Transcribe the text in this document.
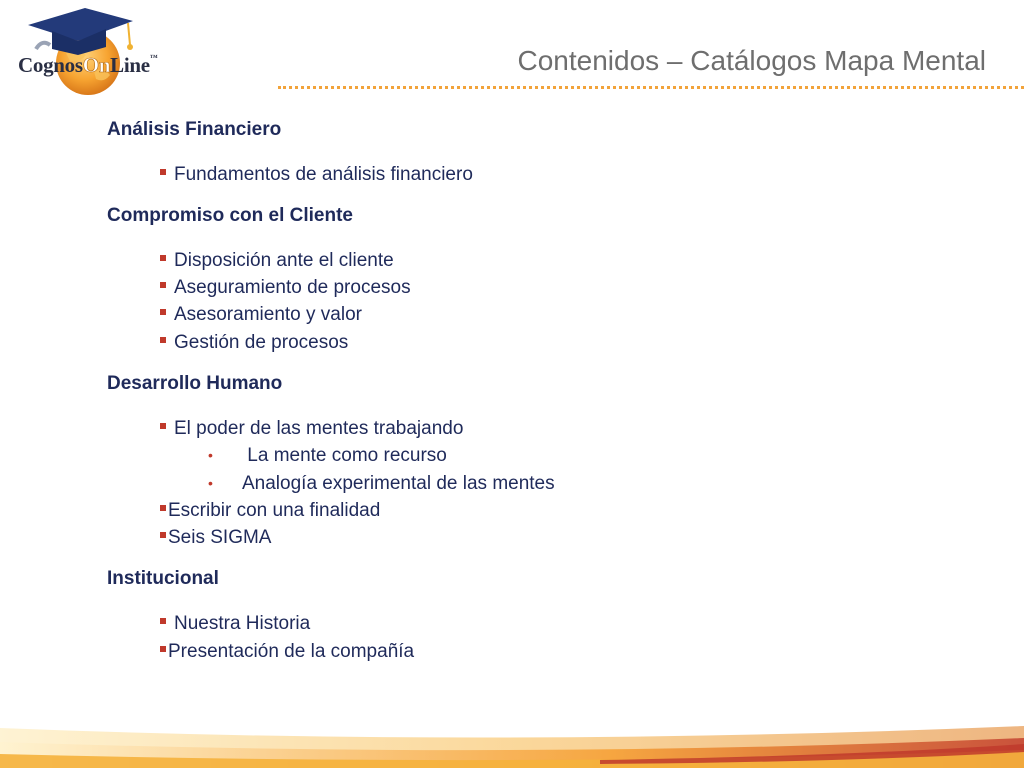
CognosOnLine™	Contenidos – Catálogos Mapa Mental
Análisis Financiero
Fundamentos de análisis financiero
Compromiso con el Cliente
Disposición ante el cliente
Aseguramiento de procesos
Asesoramiento y valor
Gestión de procesos
Desarrollo Humano
El poder de las mentes trabajando
•	La mente como recurso
•	Analogía experimental de las mentes
Escribir con una finalidad
Seis SIGMA
Institucional
Nuestra Historia
Presentación de la compañía
